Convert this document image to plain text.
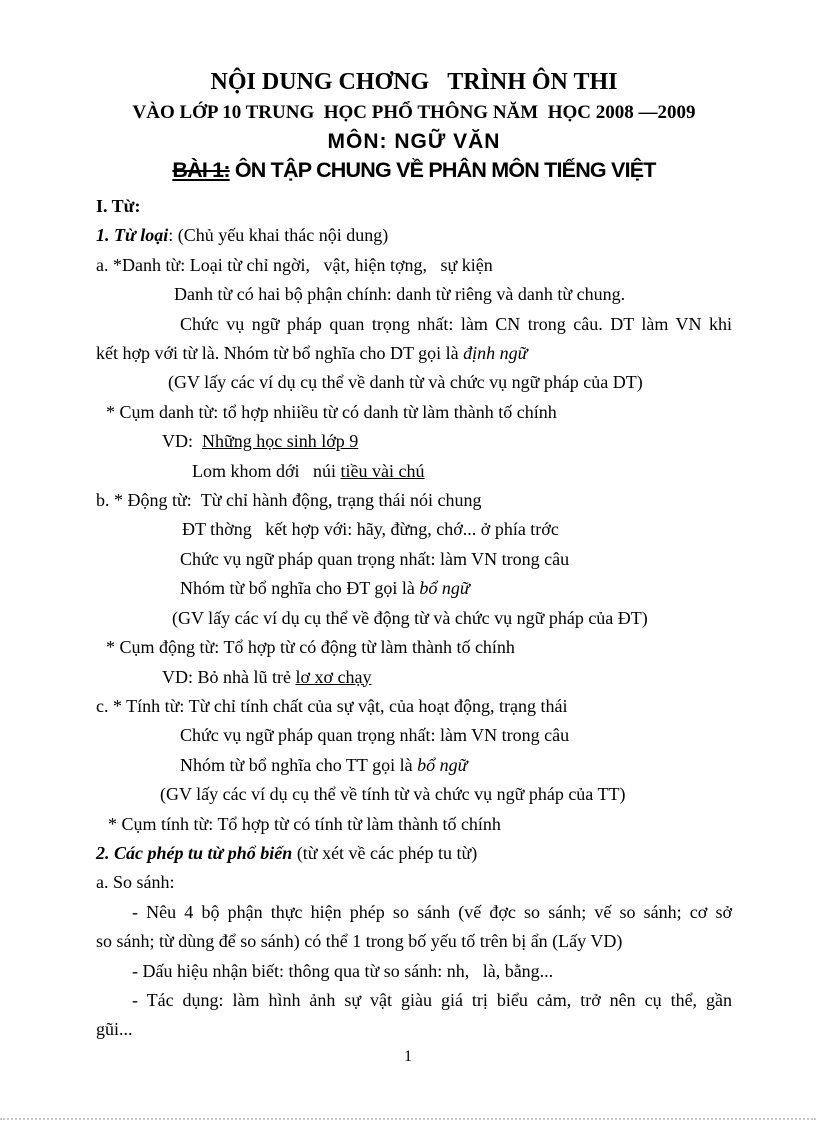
NỘI DUNG CHƠNG   TRÌNH ÔN THI
VÀO LỚP 10 TRUNG  HỌC PHỔ THÔNG NĂM  HỌC 2008 —2009
MÔN: NGỮ VĂN
BÀI 1: ÔN TẬP CHUNG VỀ PHÂN MÔN TIẾNG VIỆT
I. Từ:
1. Từ loại: (Chủ yếu khai thác nội dung)
a. *Danh từ: Loại từ chỉ ngời,   vật, hiện tợng,   sự kiện
Danh từ có hai bộ phận chính: danh từ riêng và danh từ chung.
Chức vụ ngữ pháp quan trọng nhất: làm CN trong câu. DT làm VN khi
kết hợp với từ là. Nhóm từ bổ nghĩa cho DT gọi là định ngữ
(GV lấy các ví dụ cụ thể về danh từ và chức vụ ngữ pháp của DT)
* Cụm danh từ: tổ hợp nhiiều từ có danh từ làm thành tố chính
VD:  Những học sinh lớp 9
Lom khom dới   núi tiều vài chú
b. * Động từ:  Từ chỉ hành động, trạng thái nói chung
ĐT thờng   kết hợp với: hãy, đừng, chớ... ở phía trớc
Chức vụ ngữ pháp quan trọng nhất: làm VN trong câu
Nhóm từ bổ nghĩa cho ĐT gọi là bổ ngữ
(GV lấy các ví dụ cụ thể về động từ và chức vụ ngữ pháp của ĐT)
* Cụm động từ: Tổ hợp từ có động từ làm thành tố chính
VD: Bỏ nhà lũ trẻ lơ xơ chạy
c. * Tính từ: Từ chỉ tính chất của sự vật, của hoạt động, trạng thái
Chức vụ ngữ pháp quan trọng nhất: làm VN trong câu
Nhóm từ bổ nghĩa cho TT gọi là bổ ngữ
(GV lấy các ví dụ cụ thể về tính từ và chức vụ ngữ pháp của TT)
* Cụm tính từ: Tổ hợp từ có tính từ làm thành tố chính
2. Các phép tu từ phổ biến (từ xét về các phép tu từ)
a. So sánh:
- Nêu 4 bộ phận thực hiện phép so sánh (vế đợc so sánh; vế so sánh; cơ sở
so sánh; từ dùng để so sánh) có thể 1 trong bố yếu tố trên bị ẩn (Lấy VD)
- Dấu hiệu nhận biết: thông qua từ so sánh: nh,   là, bằng...
- Tác dụng: làm hình ảnh sự vật giàu giá trị biểu cảm, trở nên cụ thể, gần
gũi...
1
